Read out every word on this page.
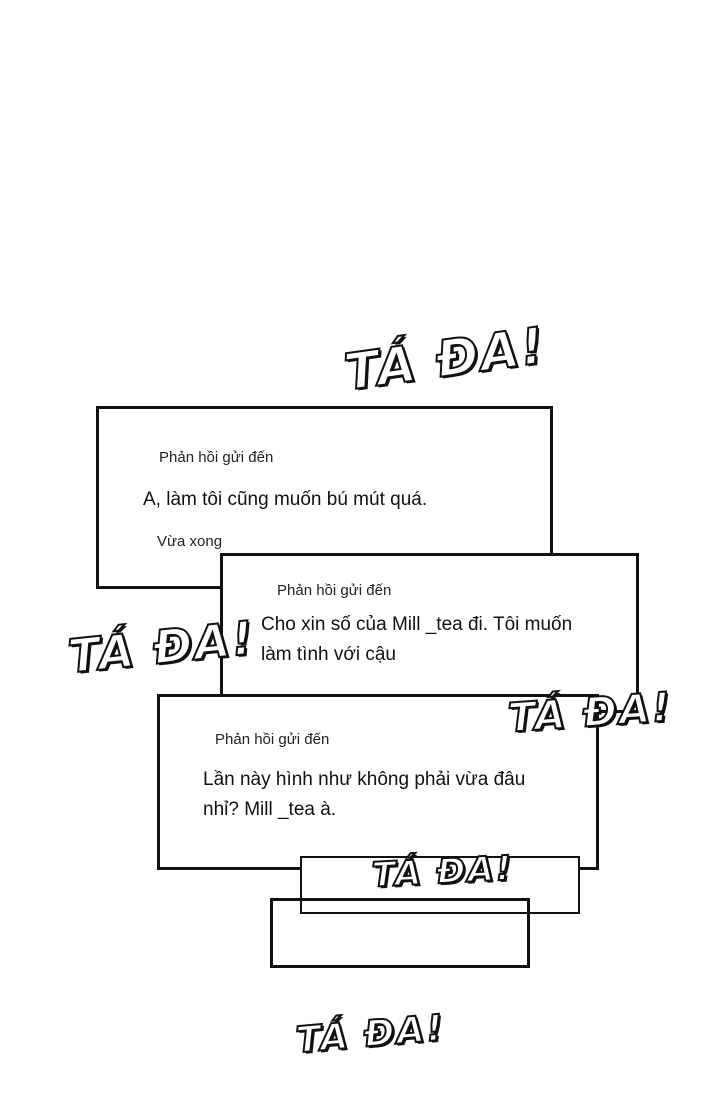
Phản hồi gửi đến
A, làm tôi cũng muốn bú mút quá.
Vừa xong
Phản hồi gửi đến
Cho xin số của Mill _tea đi. Tôi muốn
làm tình với cậu
TÁ ĐA!
Phản hồi gửi đến
Lần này hình như không phải vừa đâu
nhỉ? Mill _tea à.
TÁ ĐA!
TÁ ĐA!
TÁ ĐA!
TÁ ĐA!
